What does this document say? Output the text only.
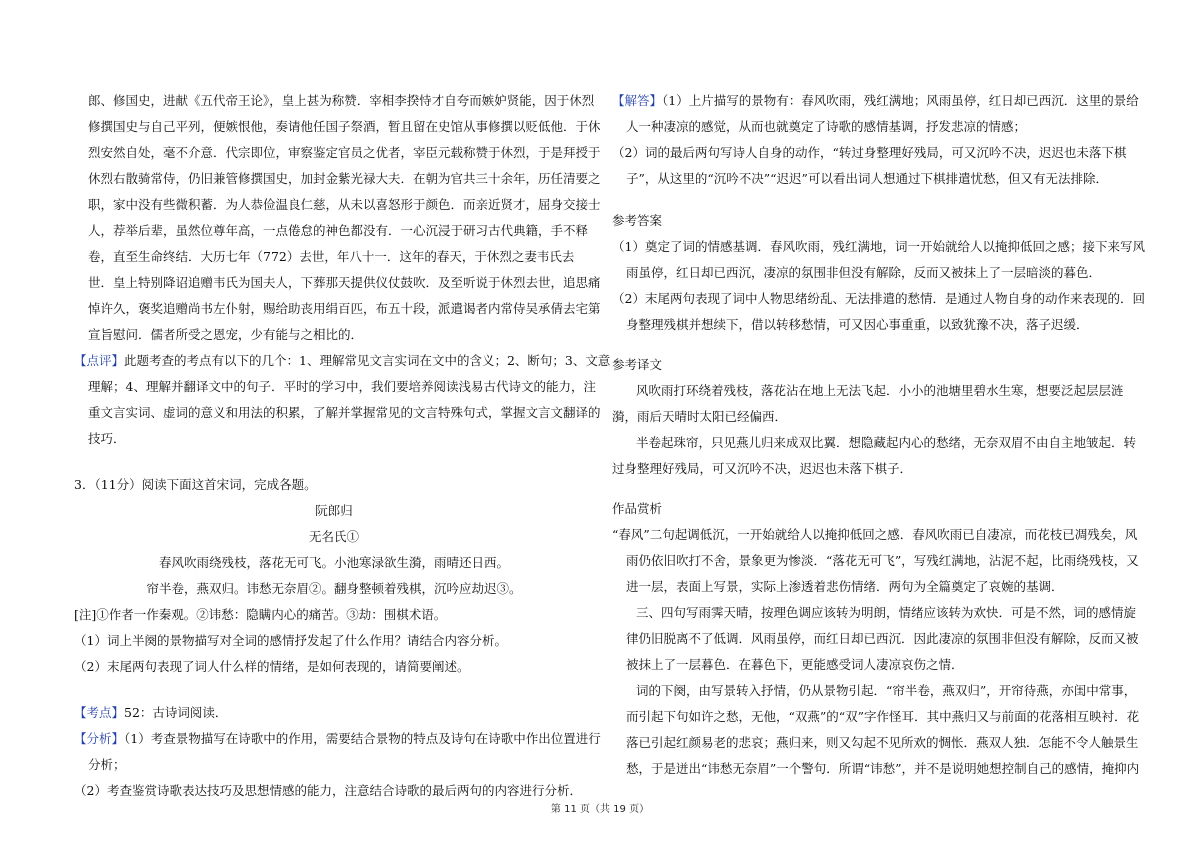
郎、修国史，进献《五代帝王论》，皇上甚为称赞．宰相李揆恃才自夸而嫉妒贤能，因于休烈
修撰国史与自己平列，便嫉恨他，奏请他任国子祭酒，暂且留在史馆从事修撰以贬低他．于休
烈安然自处，毫不介意．代宗即位，审察鉴定官员之优者，宰臣元载称赞于休烈，于是拜授于
休烈右散骑常侍，仍旧兼管修撰国史，加封金紫光禄大夫．在朝为官共三十余年，历任清要之
职，家中没有些微积蓄．为人恭俭温良仁慈，从未以喜怒形于颜色．而亲近贤才，屈身交接士
人，荐举后辈，虽然位尊年高，一点倦怠的神色都没有．一心沉浸于研习古代典籍，手不释
卷，直至生命终结．大历七年（772）去世，年八十一．这年的春天，于休烈之妻韦氏去
世．皇上特别降诏追赠韦氏为国夫人，下葬那天提供仪仗鼓吹．及至听说于休烈去世，追思痛
悼许久，褒奖追赠尚书左仆射，赐给助丧用绢百匹，布五十段，派遣谒者内常侍吴承倩去宅第
宣旨慰问．儒者所受之恩宠，少有能与之相比的．
【点评】此题考查的考点有以下的几个：1、理解常见文言实词在文中的含义；2、断句；3、文意
理解；4、理解并翻译文中的句子．平时的学习中，我们要培养阅读浅易古代诗文的能力，注
重文言实词、虚词的意义和用法的积累，了解并掌握常见的文言特殊句式，掌握文言文翻译的
技巧．
3．（11分）阅读下面这首宋词，完成各题。
阮郎归
无名氏①
春风吹雨绕残枝，落花无可飞。小池寒渌欲生漪，雨晴还日西。
帘半卷，燕双归。讳愁无奈眉②。翻身整顿着残棋，沉吟应劫迟③。
[注]①作者一作秦观。②讳愁：隐瞒内心的痛苦。③劫：围棋术语。
（1）词上半阕的景物描写对全词的感情抒发起了什么作用？请结合内容分析。
（2）末尾两句表现了词人什么样的情绪，是如何表现的，请简要阐述。
【考点】52：古诗词阅读．
【分析】（1）考查景物描写在诗歌中的作用，需要结合景物的特点及诗句在诗歌中作出位置进行
分析；
（2）考查鉴赏诗歌表达技巧及思想情感的能力，注意结合诗歌的最后两句的内容进行分析．
【解答】（1）上片描写的景物有：春风吹雨，残红满地；风雨虽停，红日却已西沉．这里的景给
人一种凄凉的感觉，从而也就奠定了诗歌的感情基调，抒发悲凉的情感；
（2）词的最后两句写诗人自身的动作，“转过身整理好残局，可又沉吟不决，迟迟也未落下棋
子”，从这里的“沉吟不决”“迟迟”可以看出词人想通过下棋排遣忧愁，但又有无法排除．
参考答案
（1）奠定了词的情感基调．春风吹雨，残红满地，词一开始就给人以掩抑低回之感；接下来写风
雨虽停，红日却已西沉，凄凉的氛围非但没有解除，反而又被抹上了一层暗淡的暮色．
（2）末尾两句表现了词中人物思绪纷乱、无法排遣的愁情．是通过人物自身的动作来表现的．回
身整理残棋并想续下，借以转移愁情，可又因心事重重，以致犹豫不决，落子迟缓．
参考译文
风吹雨打环绕着残枝，落花沾在地上无法飞起．小小的池塘里碧水生寒，想要泛起层层涟
漪，雨后天晴时太阳已经偏西．
半卷起珠帘，只见燕儿归来成双比翼．想隐藏起内心的愁绪，无奈双眉不由自主地皱起．转
过身整理好残局，可又沉吟不决，迟迟也未落下棋子．
作品赏析
“春风”二句起调低沉，一开始就给人以掩抑低回之感．春风吹雨已自凄凉，而花枝已凋残矣，风
雨仍依旧吹打不舍，景象更为惨淡．“落花无可飞”，写残红满地，沾泥不起，比雨绕残枝，又
进一层，表面上写景，实际上渗透着悲伤情绪．两句为全篇奠定了哀婉的基调．
三、四句写雨霁天晴，按理色调应该转为明朗，情绪应该转为欢快．可是不然，词的感情旋
律仍旧脱离不了低调．风雨虽停，而红日却已西沉．因此凄凉的氛围非但没有解除，反而又被
被抹上了一层暮色．在暮色下，更能感受词人凄凉哀伤之情．
词的下阕，由写景转入抒情，仍从景物引起．“帘半卷，燕双归”，开帘待燕，亦闺中常事，
而引起下句如许之愁，无他，“双燕”的“双”字作怪耳．其中燕归又与前面的花落相互映衬．花
落已引起红颜易老的悲哀；燕归来，则又勾起不见所欢的惆怅．燕双人独．怎能不令人触景生
愁，于是迸出“讳愁无奈眉”一个警句．所谓“讳愁”，并不是说明她想控制自己的感情，掩抑内
第 11 页（共 19 页）
